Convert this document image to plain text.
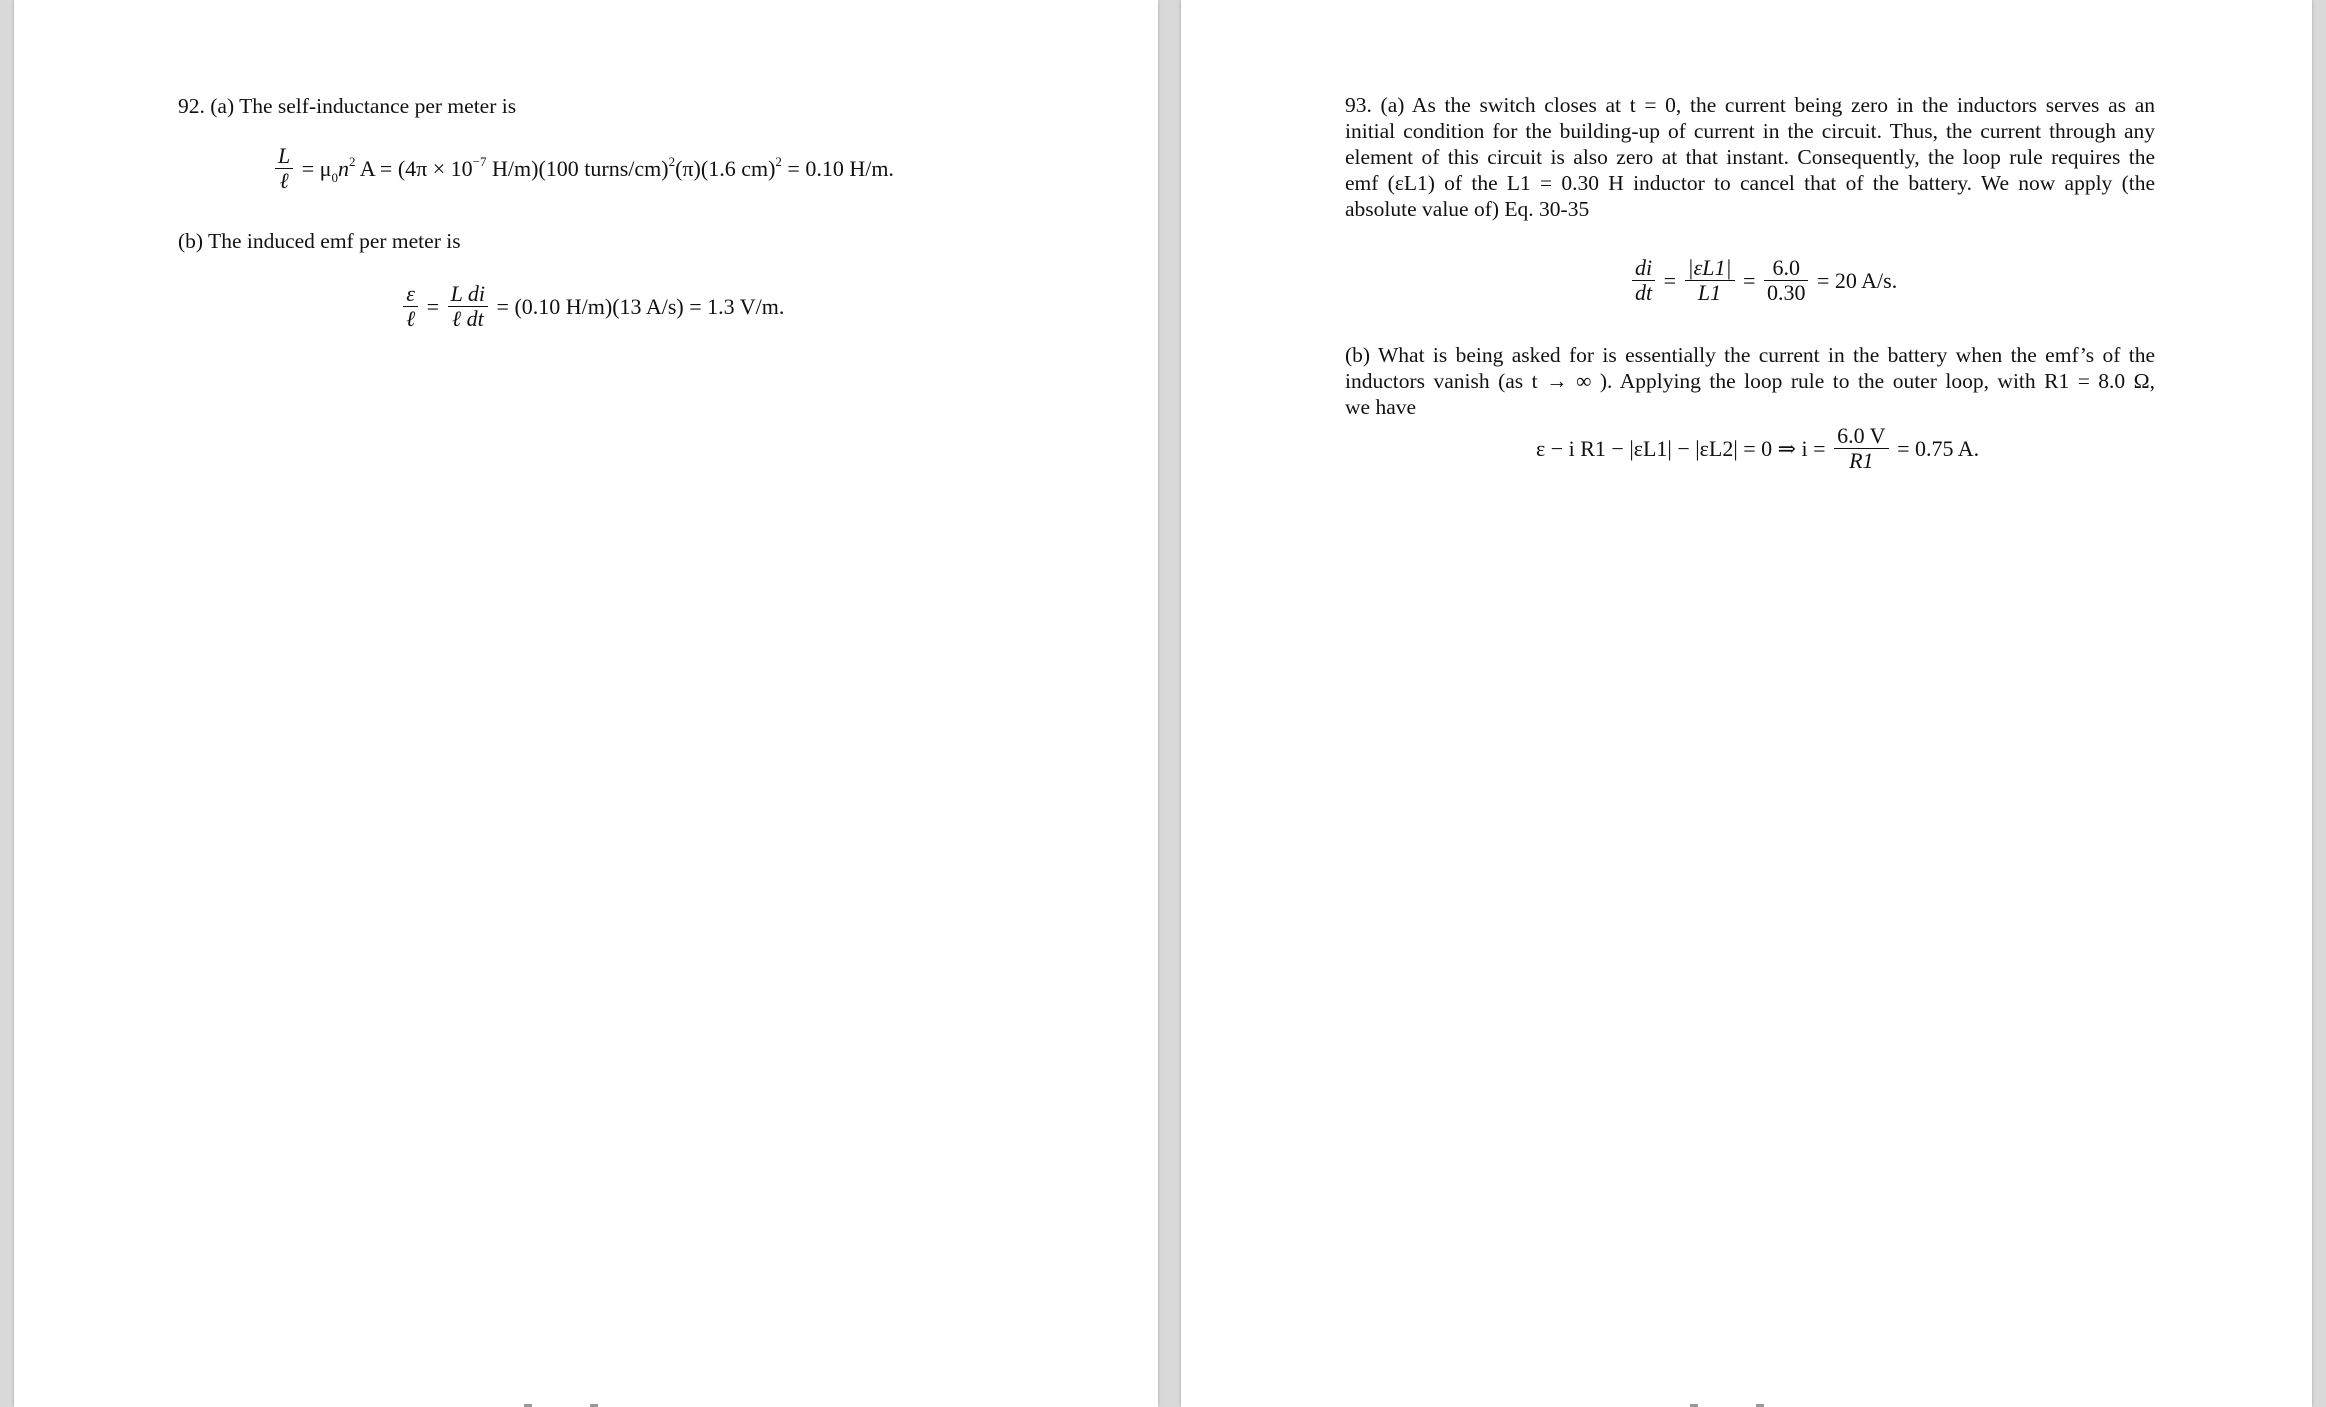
92. (a) The self-inductance per meter is

$\frac{L}{\text{ℓ}} = \mu_0n^2$ $A = (4\pi \times 10^{-7}$ H/m)(100 turns/cm)$^2$(π)(1.6 cm)$^2$ = 0.10 H/m.

(b) The induced emf per meter is

$\frac{\varepsilon}{\text{ℓ}} = \frac{\text{L di}}{\text{ℓ dt}} = (0.10$ H/m)(13 A/s) = 1.3 V/m.
93. (a) As the switch closes at t = 0, the current being zero in the inductors serves as an
initial condition for the building-up of current in the circuit. Thus, the current through any
element of this circuit is also zero at that instant. Consequently, the loop rule requires the
emf (εL1) of the L1 = 0.30 H inductor to cancel that of the battery. We now apply (the
absolute value of) Eq. 30-35
$\frac{di}{dt} = \frac{|\varepsilon L1|}{L1} = \frac{6.0}{0.30} = 20$ A/s.
(b) What is being asked for is essentially the current in the battery when the emf’s of the
inductors vanish (as t → ∞ ). Applying the loop rule to the outer loop, with R1 = 8.0 Ω,
we have
ε − i R1 − |εL1| − |εL2| = 0 ⇒ $i = \frac{6.0 V}{R1} = 0.75$ A.
